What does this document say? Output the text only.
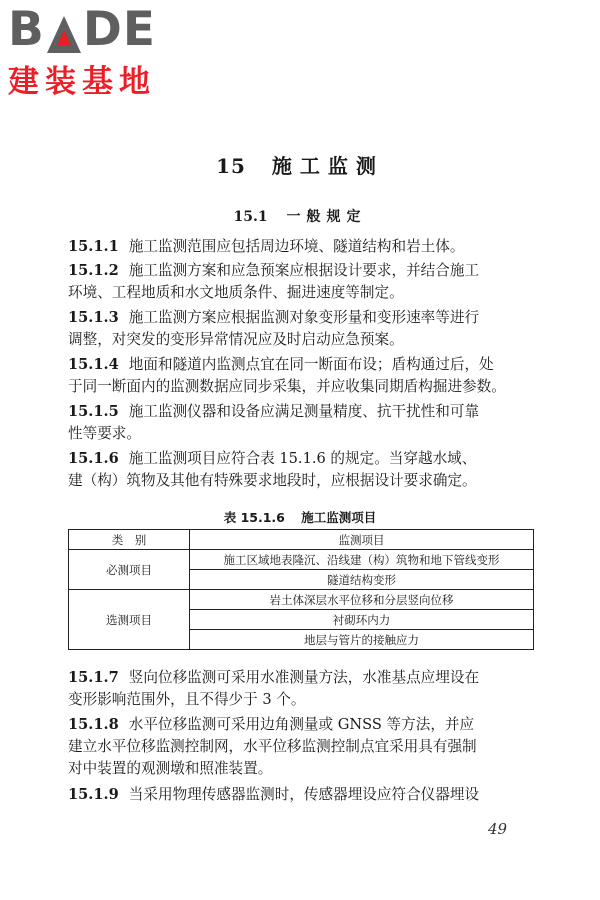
B DE
建装基地
15 施工监测
15.1 一般规定
15.1.1 施工监测范围应包括周边环境、隧道结构和岩土体。
15.1.2 施工监测方案和应急预案应根据设计要求，并结合施工
环境、工程地质和水文地质条件、掘进速度等制定。
15.1.3 施工监测方案应根据监测对象变形量和变形速率等进行
调整，对突发的变形异常情况应及时启动应急预案。
15.1.4 地面和隧道内监测点宜在同一断面布设；盾构通过后，处
于同一断面内的监测数据应同步采集，并应收集同期盾构掘进参数。
15.1.5 施工监测仪器和设备应满足测量精度、抗干扰性和可靠
性等要求。
15.1.6 施工监测项目应符合表 15.1.6 的规定。当穿越水域、
建（构）筑物及其他有特殊要求地段时，应根据设计要求确定。
表 15.1.6 施工监测项目
类　别	监测项目
必测项目	施工区域地表隆沉、沿线建（构）筑物和地下管线变形
	隧道结构变形
选测项目	岩土体深层水平位移和分层竖向位移
	衬砌环内力
	地层与管片的接触应力
15.1.7 竖向位移监测可采用水准测量方法，水准基点应埋设在
变形影响范围外，且不得少于 3 个。
15.1.8 水平位移监测可采用边角测量或 GNSS 等方法，并应
建立水平位移监测控制网，水平位移监测控制点宜采用具有强制
对中装置的观测墩和照准装置。
15.1.9 当采用物理传感器监测时，传感器埋设应符合仪器埋设
49
